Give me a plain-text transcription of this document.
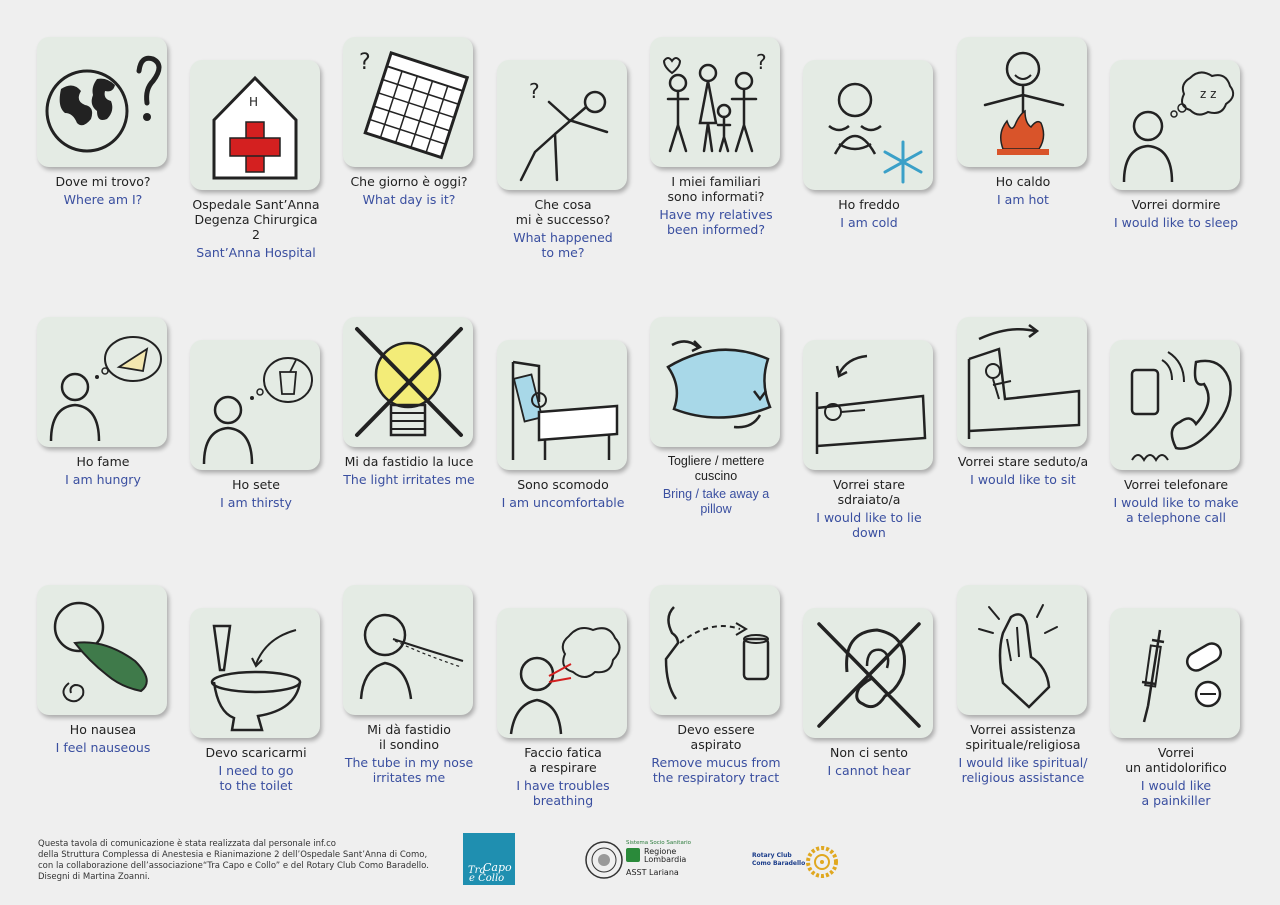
Dove mi trovo?
Where am I?
H
Ospedale Sant’Anna
Degenza Chirurgica 2
Sant’Anna Hospital
?
Che giorno è oggi?
What day is it?
?
Che cosa
mi è successo?
What happened
to me?
?
I miei familiari
sono informati?
Have my relatives
been informed?
Ho freddo
I am cold
Ho caldo
I am hot
z z
Vorrei dormire
I would like to sleep
Ho fame
I am hungry	Ho sete
I am thirsty
Mi da fastidio la luce
The light irritates me	Sono scomodo
I am uncomfortable
Togliere / mettere cuscino
Bring / take away a pillow
Vorrei stare sdraiato/a
I would like to lie down
Vorrei stare seduto/a
I would like to sit	Vorrei telefonare
I would like to make
a telephone call
Ho nausea
I feel nauseous	Devo scaricarmi
I need to go
to the toilet
Mi dà fastidio
il sondino
The tube in my nose
irritates me
Faccio fatica
a respirare
I have troubles
breathing
Devo essere aspirato
Remove mucus from
the respiratory tract
Non ci sento
I cannot hear
Vorrei assistenza
spirituale/religiosa
I would like spiritual/
religious assistance
Vorrei
un antidolorifico
I would like
a painkiller
Questa tavola di comunicazione è stata realizzata dal personale inf.co
della Struttura Complessa di Anestesia e Rianimazione 2 dell’Ospedale Sant’Anna di Como,
con la collaborazione dell’associazione“Tra Capo e Collo” e del Rotary Club Como Baradello.
Disegni di Martina Zoanni.
Tra
Capo
e Collo
Sistema Socio Sanitario
Regione
Lombardia
ASST Lariana
Rotary Club
Como Baradello
